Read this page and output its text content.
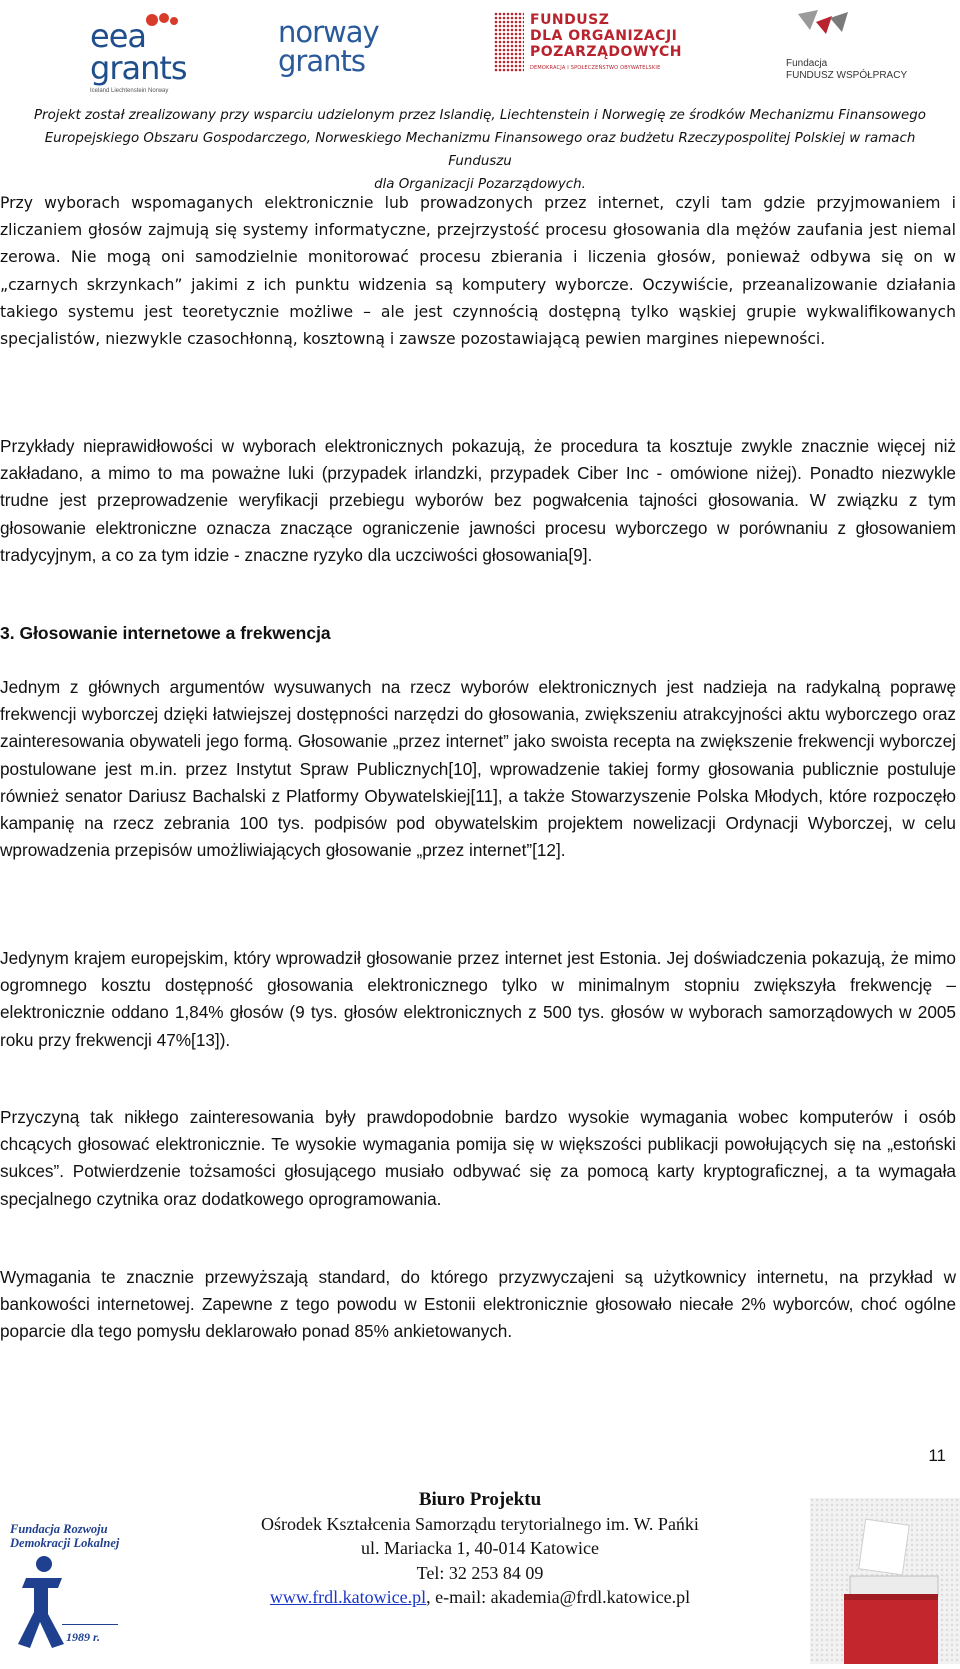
eea
grants
Iceland Liechtenstein Norway
norway
grants
FUNDUSZ
DLA ORGANIZACJI
POZARZĄDOWYCH
DEMOKRACJA I SPOŁECZEŃSTWO OBYWATELSKIE	Fundacja
FUNDUSZ WSPÓŁPRACY
Projekt został zrealizowany przy wsparciu udzielonym przez Islandię, Liechtenstein i Norwegię ze środków Mechanizmu Finansowego
Europejskiego Obszaru Gospodarczego, Norweskiego Mechanizmu Finansowego oraz budżetu Rzeczypospolitej Polskiej w ramach Funduszu
dla Organizacji Pozarządowych.
Przy wyborach wspomaganych elektronicznie lub prowadzonych przez internet, czyli tam gdzie przyjmowaniem i zliczaniem głosów zajmują się systemy informatyczne, przejrzystość procesu głosowania dla mężów zaufania jest niemal zerowa. Nie mogą oni samodzielnie monitorować procesu zbierania i liczenia głosów, ponieważ odbywa się on w „czarnych skrzynkach” jakimi z ich punktu widzenia są komputery wyborcze. Oczywiście, przeanalizowanie działania takiego systemu jest teoretycznie możliwe – ale jest czynnością dostępną tylko wąskiej grupie wykwalifikowanych specjalistów, niezwykle czasochłonną, kosztowną i zawsze pozostawiającą pewien margines niepewności.
Przykłady nieprawidłowości w wyborach elektronicznych pokazują, że procedura ta kosztuje zwykle znacznie więcej niż zakładano, a mimo to ma poważne luki (przypadek irlandzki, przypadek Ciber Inc - omówione niżej). Ponadto niezwykle trudne jest przeprowadzenie weryfikacji przebiegu wyborów bez pogwałcenia tajności głosowania. W związku z tym głosowanie elektroniczne oznacza znaczące ograniczenie jawności procesu wyborczego w porównaniu z głosowaniem tradycyjnym, a co za tym idzie - znaczne ryzyko dla uczciwości głosowania[9].
3. Głosowanie internetowe a frekwencja
Jednym z głównych argumentów wysuwanych na rzecz wyborów elektronicznych jest nadzieja na radykalną poprawę frekwencji wyborczej dzięki łatwiejszej dostępności narzędzi do głosowania, zwiększeniu atrakcyjności aktu wyborczego oraz zainteresowania obywateli jego formą. Głosowanie „przez internet” jako swoista recepta na zwiększenie frekwencji wyborczej postulowane jest m.in. przez Instytut Spraw Publicznych[10], wprowadzenie takiej formy głosowania publicznie postuluje również senator Dariusz Bachalski z Platformy Obywatelskiej[11], a także Stowarzyszenie Polska Młodych, które rozpoczęło kampanię na rzecz zebrania 100 tys. podpisów pod obywatelskim projektem nowelizacji Ordynacji Wyborczej, w celu wprowadzenia przepisów umożliwiających głosowanie „przez internet”[12].
Jedynym krajem europejskim, który wprowadził głosowanie przez internet jest Estonia. Jej doświadczenia pokazują, że mimo ogromnego kosztu dostępność głosowania elektronicznego tylko w minimalnym stopniu zwiększyła frekwencję – elektronicznie oddano 1,84% głosów (9 tys. głosów elektronicznych z 500 tys. głosów w wyborach samorządowych w 2005 roku przy frekwencji 47%[13]).
Przyczyną tak nikłego zainteresowania były prawdopodobnie bardzo wysokie wymagania wobec komputerów i osób chcących głosować elektronicznie. Te wysokie wymagania pomija się w większości publikacji powołujących się na „estoński sukces”. Potwierdzenie tożsamości głosującego musiało odbywać się za pomocą karty kryptograficznej, a ta wymagała specjalnego czytnika oraz dodatkowego oprogramowania.
Wymagania te znacznie przewyższają standard, do którego przyzwyczajeni są użytkownicy internetu, na przykład w bankowości internetowej. Zapewne z tego powodu w Estonii elektronicznie głosowało niecałe 2% wyborców, choć ogólne poparcie dla tego pomysłu deklarowało ponad 85% ankietowanych.
11
Fundacja Rozwoju
Demokracji Lokalnej
1989 r.
Biuro Projektu
Ośrodek Kształcenia Samorządu terytorialnego im. W. Pańki
ul. Mariacka 1, 40-014 Katowice
Tel: 32 253 84 09
www.frdl.katowice.pl, e-mail: akademia@frdl.katowice.pl
